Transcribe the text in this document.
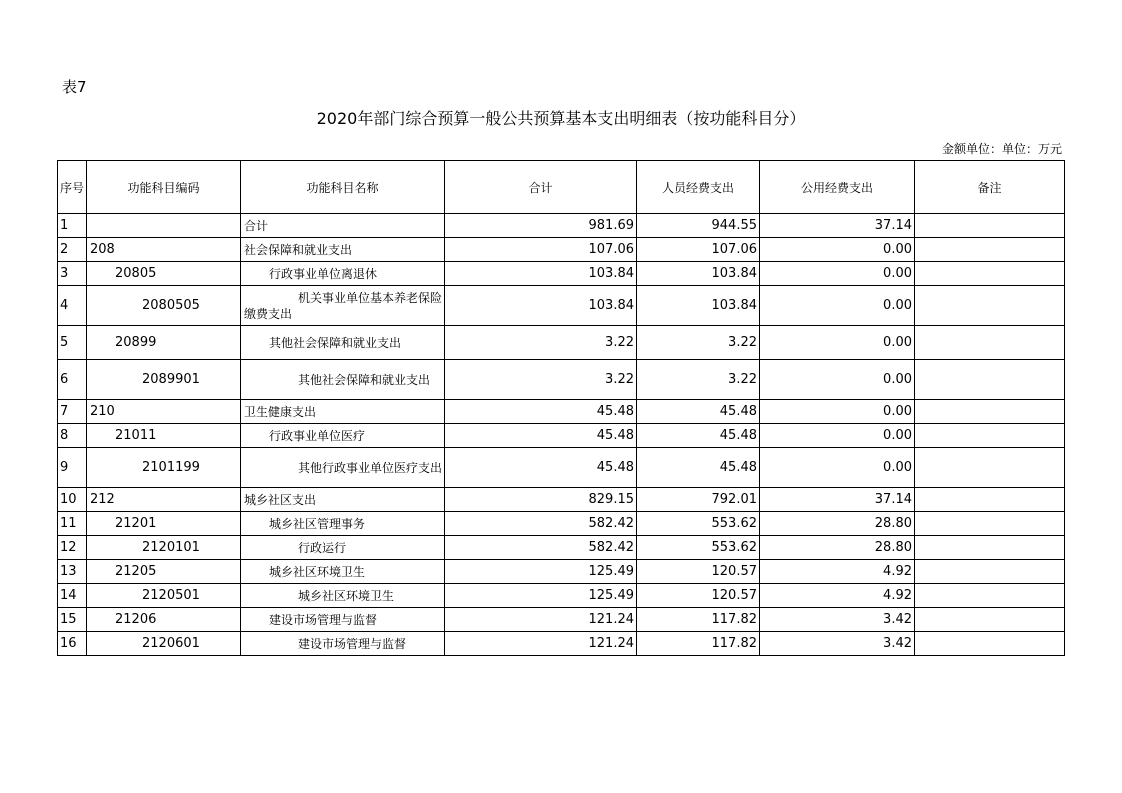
表7
2020年部门综合预算一般公共预算基本支出明细表（按功能科目分）
金额单位：单位：万元
序号	功能科目编码	功能科目名称	合计	人员经费支出	公用经费支出	备注
1		合计	981.69	944.55	37.14	
2	208	社会保障和就业支出	107.06	107.06	0.00	
3	20805	行政事业单位离退休	103.84	103.84	0.00	
4	2080505	机关事业单位基本养老保险缴费支出	103.84	103.84	0.00	
5	20899	其他社会保障和就业支出	3.22	3.22	0.00	
6	2089901	其他社会保障和就业支出	3.22	3.22	0.00	
7	210	卫生健康支出	45.48	45.48	0.00	
8	21011	行政事业单位医疗	45.48	45.48	0.00	
9	2101199	其他行政事业单位医疗支出	45.48	45.48	0.00	
10	212	城乡社区支出	829.15	792.01	37.14	
11	21201	城乡社区管理事务	582.42	553.62	28.80	
12	2120101	行政运行	582.42	553.62	28.80	
13	21205	城乡社区环境卫生	125.49	120.57	4.92	
14	2120501	城乡社区环境卫生	125.49	120.57	4.92	
15	21206	建设市场管理与监督	121.24	117.82	3.42	
16	2120601	建设市场管理与监督	121.24	117.82	3.42	
